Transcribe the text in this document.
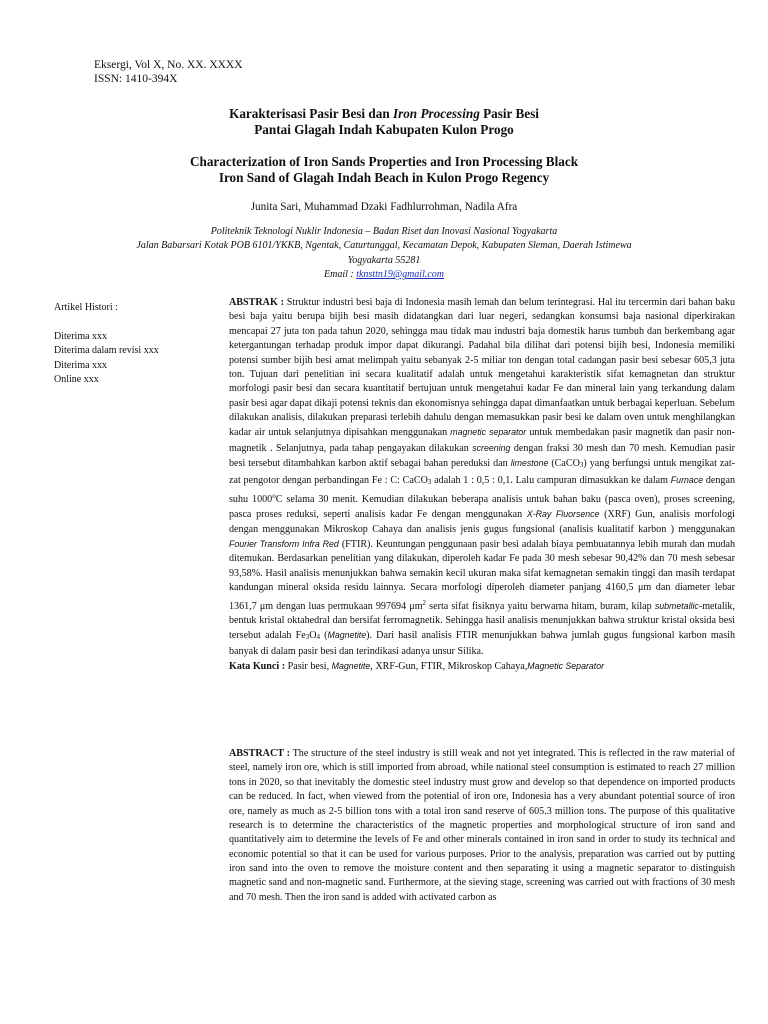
Eksergi, Vol X, No. XX. XXXX
ISSN: 1410-394X
Karakterisasi Pasir Besi dan Iron Processing Pasir Besi
Pantai Glagah Indah Kabupaten Kulon Progo
Characterization of Iron Sands Properties and Iron Processing Black
Iron Sand of Glagah Indah Beach in Kulon Progo Regency
Junita Sari, Muhammad Dzaki Fadhlurrohman, Nadila Afra
Politeknik Teknologi Nuklir Indonesia – Badan Riset dan Inovasi Nasional Yogyakarta
Jalan Babarsari Kotak POB 6101/YKKB, Ngentak, Caturtunggal, Kecamatan Depok, Kabupaten Sleman, Daerah Istimewa
Yogyakarta 55281
Email : tknsttn19@gmail.com

Artikel Histori :

Diterima xxx

Diterima dalam revisi xxx

Diterima xxx

Online xxx

ABSTRAK : Struktur industri besi baja di Indonesia masih lemah dan belum terintegrasi. Hal itu tercermin dari bahan baku besi baja yaitu berupa bijih besi masih didatangkan dari luar negeri, sedangkan konsumsi baja nasional diperkirakan mencapai 27 juta ton pada tahun 2020, sehingga mau tidak mau industri baja domestik harus tumbuh dan berkembang agar ketergantungan terhadap produk impor dapat dikurangi. Padahal bila dilihat dari potensi bijih besi, Indonesia memiliki potensi sumber bijih besi amat melimpah yaitu sebanyak 2-5 miliar ton dengan total cadangan pasir besi sebesar 605,3 juta ton. Tujuan dari penelitian ini secara kualitatif adalah untuk mengetahui karakteristik sifat kemagnetan dan struktur morfologi pasir besi dan secara kuantitatif bertujuan untuk mengetahui kadar Fe dan mineral lain yang terkandung dalam pasir besi agar dapat dikaji potensi teknis dan ekonomisnya sehingga dapat dimanfaatkan untuk berbagai keperluan. Sebelum dilakukan analisis, dilakukan preparasi terlebih dahulu dengan memasukkan pasir besi ke dalam oven untuk menghilangkan kadar air untuk selanjutnya dipisahkan menggunakan magnetic separator untuk membedakan pasir magnetik dan pasir non-magnetik . Selanjutnya, pada tahap pengayakan dilakukan screening dengan fraksi 30 mesh dan 70 mesh. Kemudian pasir besi tersebut ditambahkan karbon aktif sebagai bahan pereduksi dan limestone (CaCO3) yang berfungsi untuk mengikat zat-zat pengotor dengan perbandingan Fe : C: CaCO3 adalah 1 : 0,5 : 0,1. Lalu campuran dimasukkan ke dalam Furnace dengan suhu 1000$^o$C selama 30 menit. Kemudian dilakukan beberapa analisis untuk bahan baku (pasca oven), proses screening, pasca proses reduksi, seperti analisis kadar Fe dengan menggunakan X-Ray Fluorsence (XRF) Gun, analisis morfologi dengan menggunakan Mikroskop Cahaya dan analisis jenis gugus fungsional (analisis kualitatif karbon ) menggunakan Fourier Transform Infra Red (FTIR). Keuntungan penggunaan pasir besi adalah biaya pembuatannya lebih murah dan mudah ditemukan. Berdasarkan penelitian yang dilakukan, diperoleh kadar Fe pada 30 mesh sebesar 90,42% dan 70 mesh sebesar 93,58%. Hasil analisis menunjukkan bahwa semakin kecil ukuran maka sifat kemagnetan semakin tinggi dan masih terdapat kandungan mineral oksida residu lainnya. Secara morfologi diperoleh diameter panjang 4160,5 μm dan diameter lebar 1361,7 μm dengan luas permukaan 997694 $\mu m^2$ serta sifat fisiknya yaitu berwarna hitam, buram, kilap submetallic-metalik, bentuk kristal oktahedral dan bersifat ferromagnetik. Sehingga hasil analisis menunjukkan bahwa struktur kristal oksida besi tersebut adalah Fe3O4 (Magnetite). Dari hasil analisis FTIR menunjukkan bahwa jumlah gugus fungsional karbon masih banyak di dalam pasir besi dan terindikasi adanya unsur Silika.

Kata Kunci : Pasir besi, Magnetite, XRF-Gun, FTIR, Mikroskop Cahaya,Magnetic Separator

ABSTRACT : The structure of the steel industry is still weak and not yet integrated. This is reflected in the raw material of steel, namely iron ore, which is still imported from abroad, while national steel consumption is estimated to reach 27 million tons in 2020, so that inevitably the domestic steel industry must grow and develop so that dependence on imported products can be reduced. In fact, when viewed from the potential of iron ore, Indonesia has a very abundant potential source of iron ore, namely as much as 2-5 billion tons with a total iron sand reserve of 605.3 million tons. The purpose of this qualitative research is to determine the characteristics of the magnetic properties and morphological structure of iron sand and quantitatively aim to determine the levels of Fe and other minerals contained in iron sand in order to study its technical and economic potential so that it can be used for various purposes. Prior to the analysis, preparation was carried out by putting iron sand into the oven to remove the moisture content and then separating it using a magnetic separator to distinguish magnetic sand and non-magnetic sand. Furthermore, at the sieving stage, screening was carried out with fractions of 30 mesh and 70 mesh. Then the iron sand is added with activated carbon as
